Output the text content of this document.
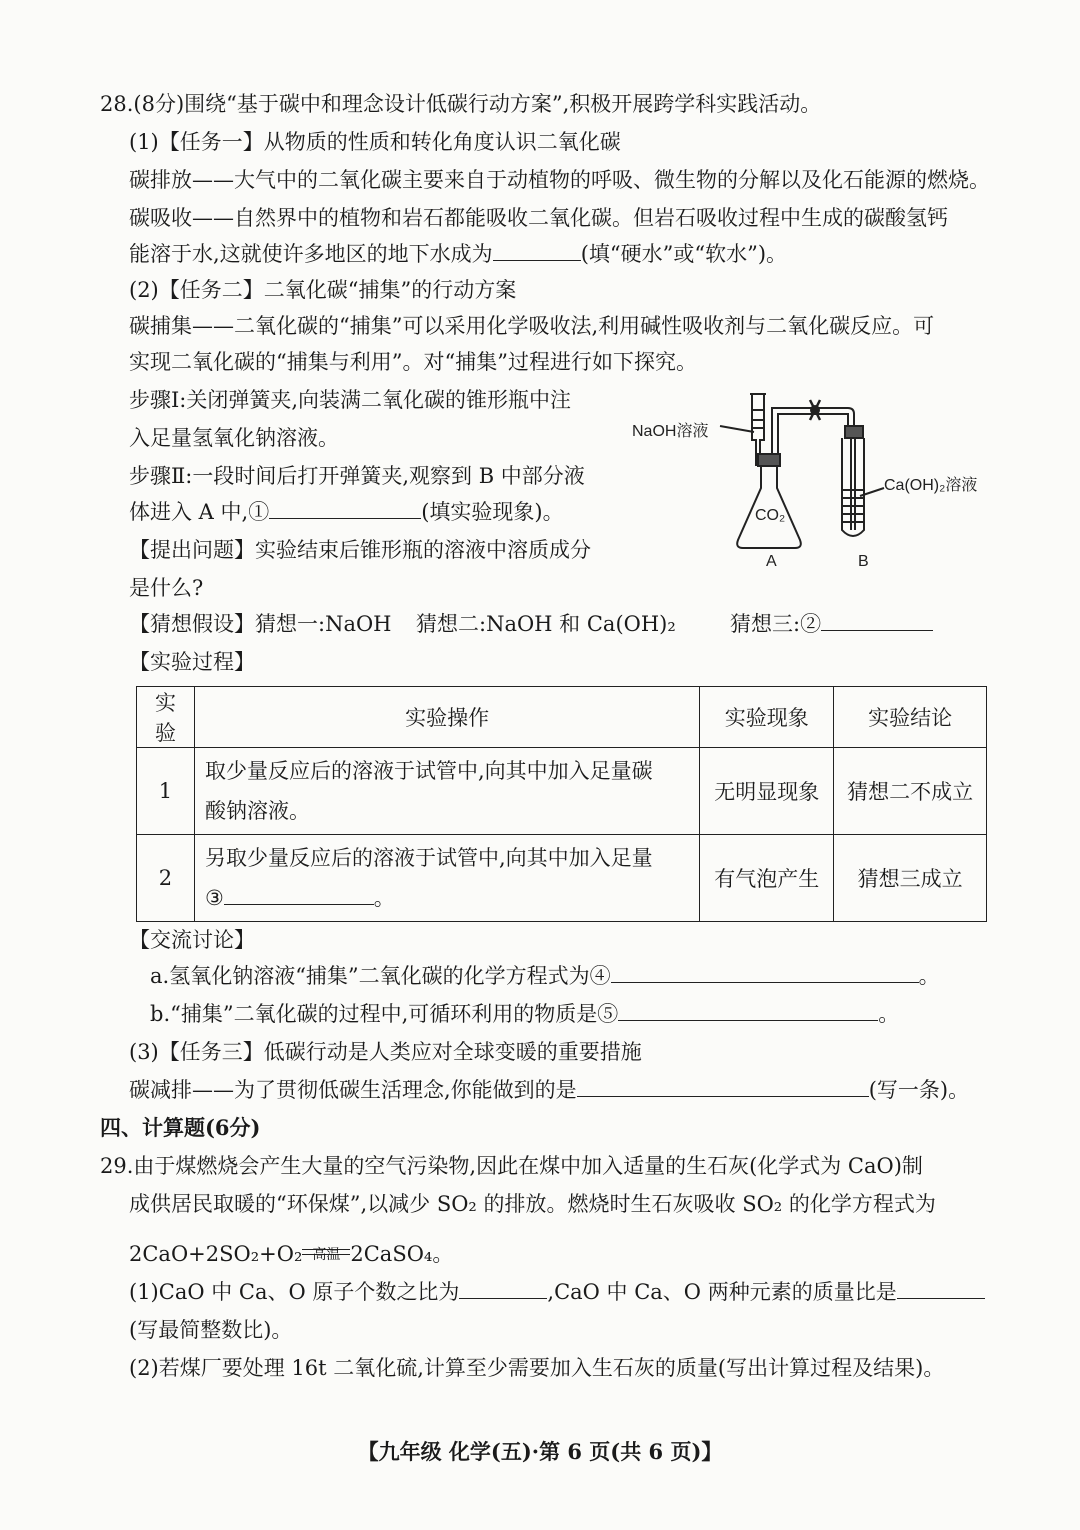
28.(8分)围绕“基于碳中和理念设计低碳行动方案”,积极开展跨学科实践活动。
(1)【任务一】从物质的性质和转化角度认识二氧化碳
碳排放——大气中的二氧化碳主要来自于动植物的呼吸、微生物的分解以及化石能源的燃烧。
碳吸收——自然界中的植物和岩石都能吸收二氧化碳。但岩石吸收过程中生成的碳酸氢钙
能溶于水,这就使许多地区的地下水成为	(填“硬水”或“软水”)。
(2)【任务二】二氧化碳“捕集”的行动方案
碳捕集——二氧化碳的“捕集”可以采用化学吸收法,利用碱性吸收剂与二氧化碳反应。可
实现二氧化碳的“捕集与利用”。对“捕集”过程进行如下探究。
步骤Ⅰ:关闭弹簧夹,向装满二氧化碳的锥形瓶中注
入足量氢氧化钠溶液。
步骤Ⅱ:一段时间后打开弹簧夹,观察到 B 中部分液
体进入 A 中,①	(填实验现象)。
【提出问题】实验结束后锥形瓶的溶液中溶质成分
是什么?
【猜想假设】猜想一:NaOH 猜想二:NaOH 和 Ca(OH)₂	猜想三:②
【实验过程】
NaOH溶液
CO₂
Ca(OH)₂溶液
A	B
实验	实验操作	实验现象	实验结论
1	取少量反应后的溶液于试管中,向其中加入足量碳
酸钠溶液。	无明显现象	猜想二不成立
2	另取少量反应后的溶液于试管中,向其中加入足量
③ 。	有气泡产生	猜想三成立
【交流讨论】
a.氢氧化钠溶液“捕集”二氧化碳的化学方程式为④	。
b.“捕集”二氧化碳的过程中,可循环利用的物质是⑤	。
(3)【任务三】低碳行动是人类应对全球变暖的重要措施
碳减排——为了贯彻低碳生活理念,你能做到的是	(写一条)。
四、计算题(6分)
29.由于煤燃烧会产生大量的空气污染物,因此在煤中加入适量的生石灰(化学式为 CaO)制
成供居民取暖的“环保煤”,以减少 SO₂ 的排放。燃烧时生石灰吸收 SO₂ 的化学方程式为
2CaO+2SO₂+O₂ 高温 2CaSO₄。
(1)CaO 中 Ca、O 原子个数之比为	,CaO 中 Ca、O 两种元素的质量比是
(写最简整数比)。
(2)若煤厂要处理 16t 二氧化硫,计算至少需要加入生石灰的质量(写出计算过程及结果)。
【九年级 化学(五)·第 6 页(共 6 页)】
